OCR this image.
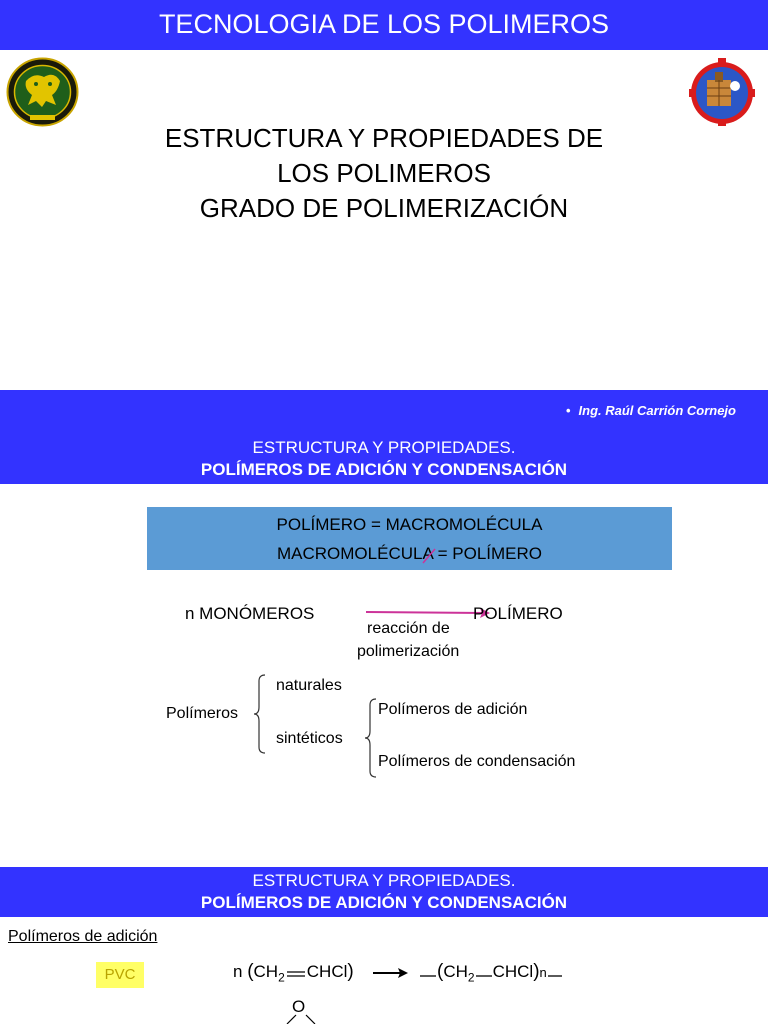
TECNOLOGIA DE LOS POLIMEROS
ESTRUCTURA Y PROPIEDADES DE
LOS POLIMEROS
GRADO DE POLIMERIZACIÓN
• Ing. Raúl Carrión Cornejo
ESTRUCTURA Y PROPIEDADES.
POLÍMEROS DE ADICIÓN Y CONDENSACIÓN
POLÍMERO = MACROMOLÉCULA
MACROMOLÉCULA = POLÍMERO
n MONÓMEROS	POLÍMERO
reacción de
polimerización
Polímeros
naturales
sintéticos
Polímeros de adición
Polímeros de condensación
ESTRUCTURA Y PROPIEDADES.
POLÍMEROS DE ADICIÓN Y CONDENSACIÓN
Polímeros de adición
PVC	n ($CH_2$ CHCl)	($CH_2$ CHCl)n
O
